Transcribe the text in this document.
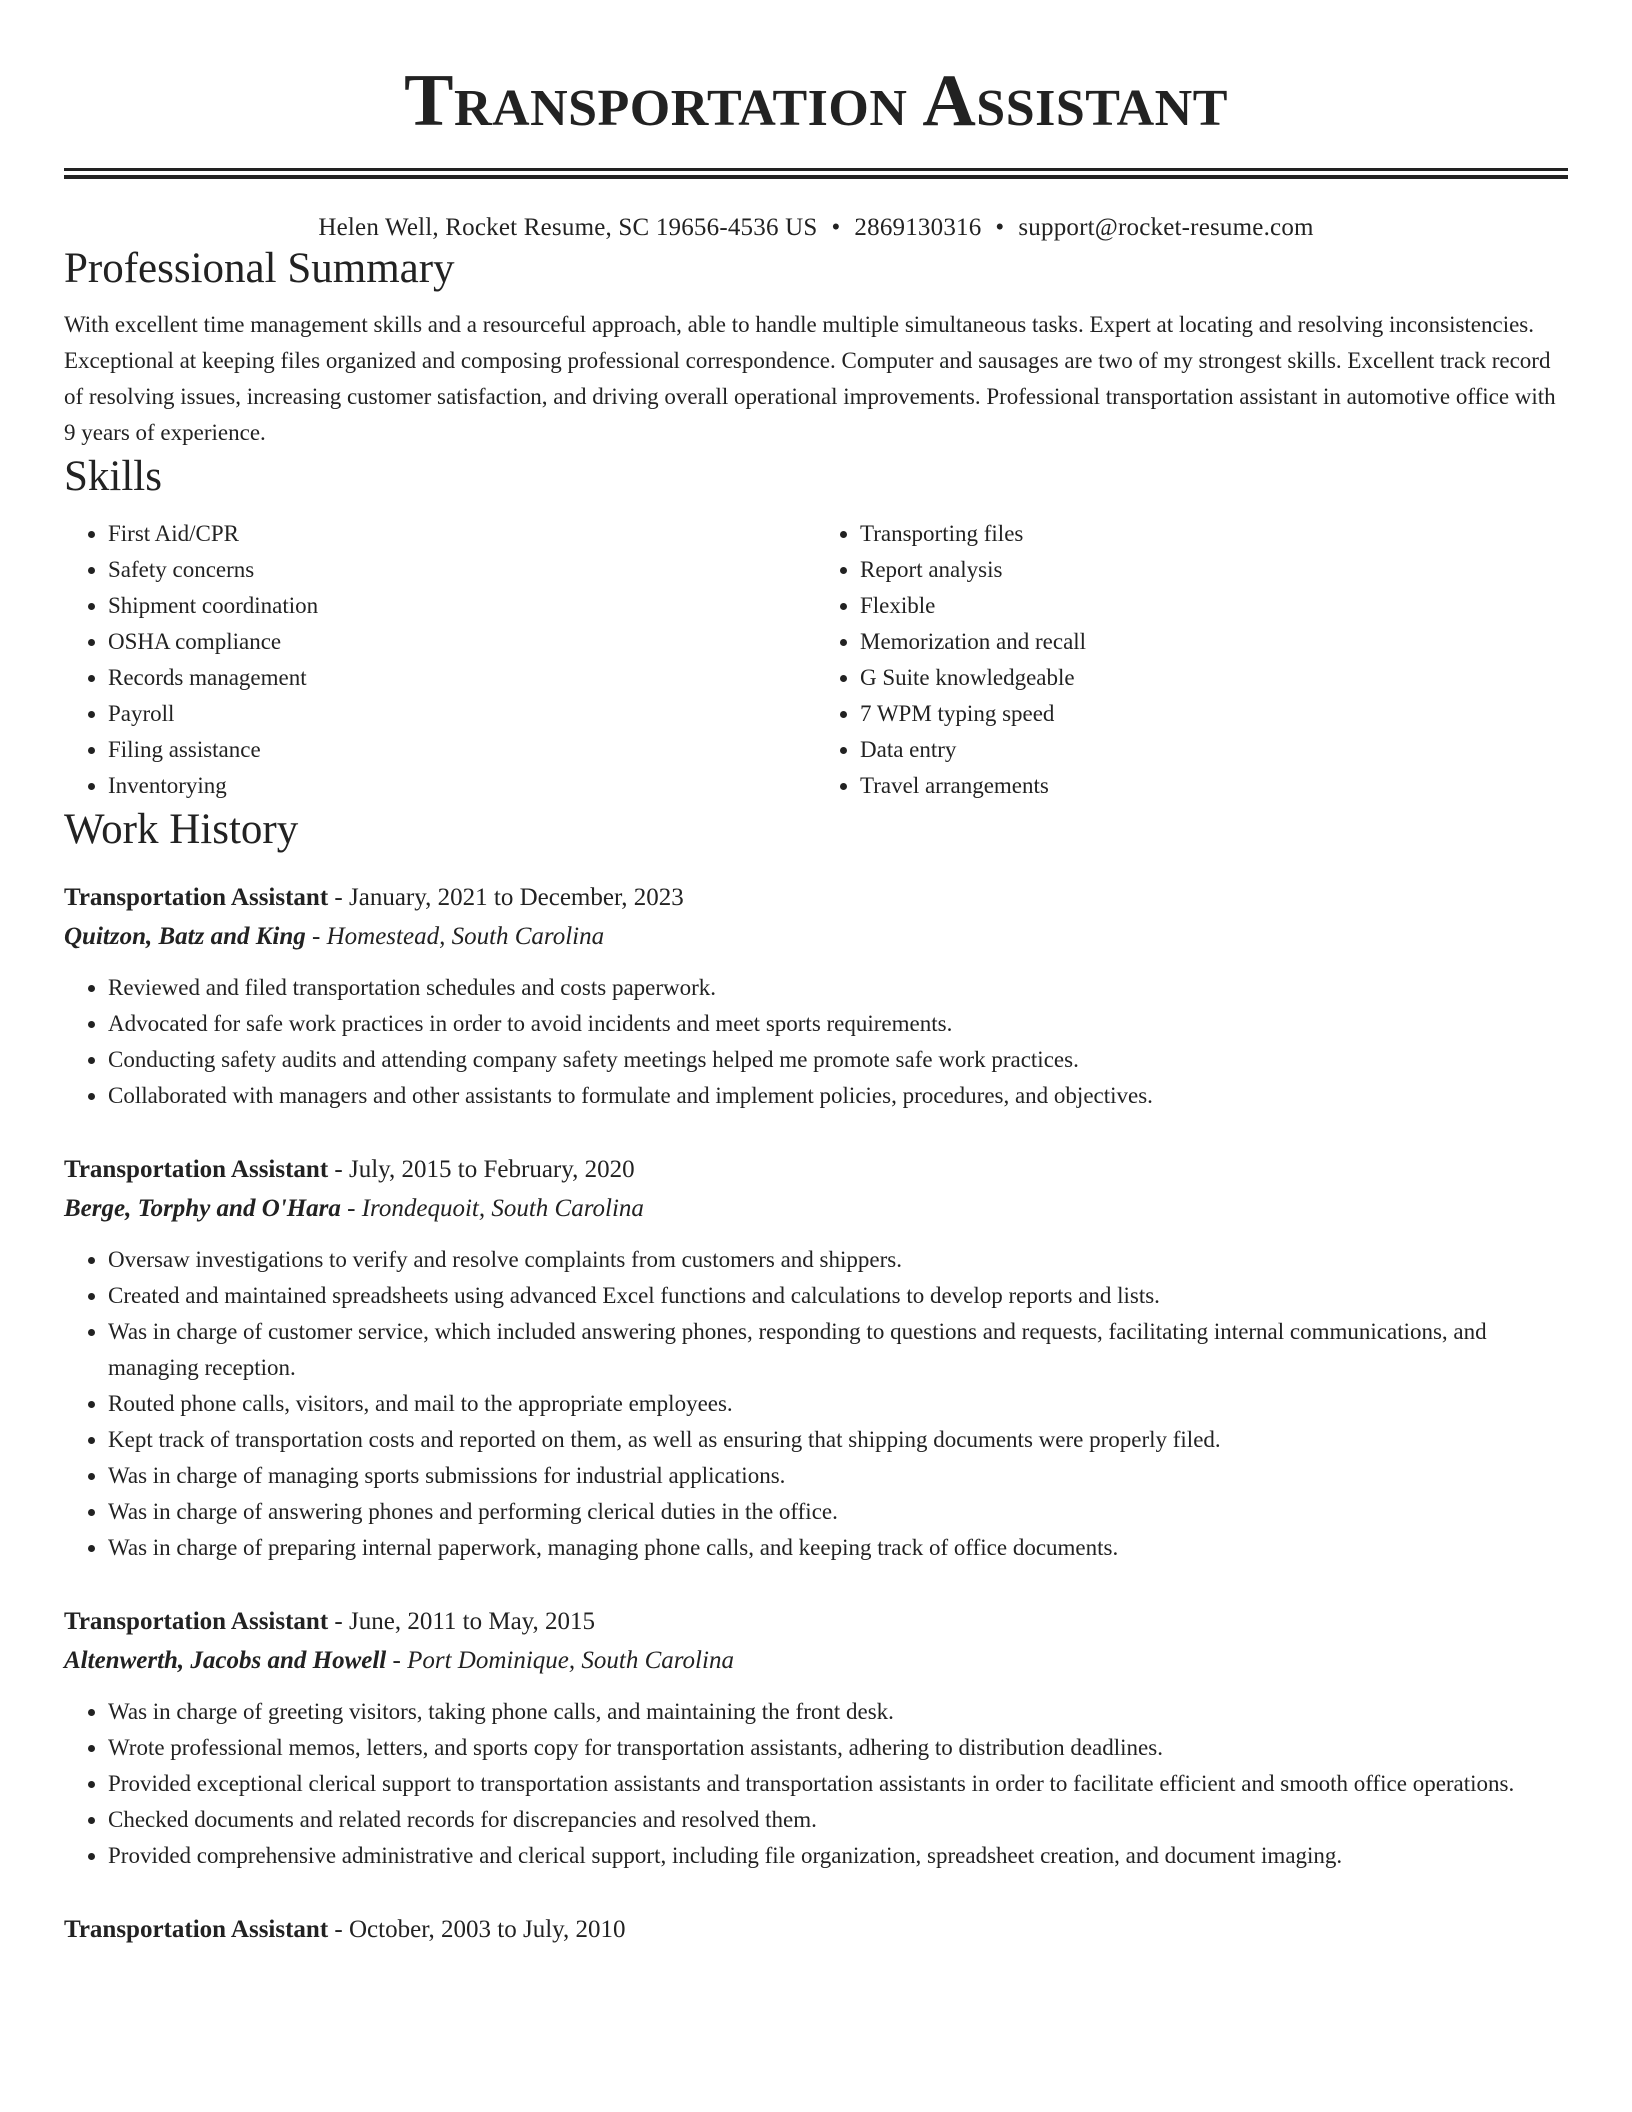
Transportation Assistant
Helen Well, Rocket Resume, SC 19656-4536 US • 2869130316 • support@rocket-resume.com
Professional Summary
With excellent time management skills and a resourceful approach, able to handle multiple simultaneous tasks. Expert at locating and resolving inconsistencies. Exceptional at keeping files organized and composing professional correspondence. Computer and sausages are two of my strongest skills. Excellent track record of resolving issues, increasing customer satisfaction, and driving overall operational improvements. Professional transportation assistant in automotive office with 9 years of experience.
Skills
• First Aid/CPR
• Safety concerns
• Shipment coordination
• OSHA compliance
• Records management
• Payroll
• Filing assistance
• Inventorying
• Transporting files
• Report analysis
• Flexible
• Memorization and recall
• G Suite knowledgeable
• 7 WPM typing speed
• Data entry
• Travel arrangements
Work History
Transportation Assistant - January, 2021 to December, 2023
Quitzon, Batz and King - Homestead, South Carolina
• Reviewed and filed transportation schedules and costs paperwork.
• Advocated for safe work practices in order to avoid incidents and meet sports requirements.
• Conducting safety audits and attending company safety meetings helped me promote safe work practices.
• Collaborated with managers and other assistants to formulate and implement policies, procedures, and objectives.
Transportation Assistant - July, 2015 to February, 2020
Berge, Torphy and O'Hara - Irondequoit, South Carolina
• Oversaw investigations to verify and resolve complaints from customers and shippers.
• Created and maintained spreadsheets using advanced Excel functions and calculations to develop reports and lists.
• Was in charge of customer service, which included answering phones, responding to questions and requests, facilitating internal communications, and managing reception.
• Routed phone calls, visitors, and mail to the appropriate employees.
• Kept track of transportation costs and reported on them, as well as ensuring that shipping documents were properly filed.
• Was in charge of managing sports submissions for industrial applications.
• Was in charge of answering phones and performing clerical duties in the office.
• Was in charge of preparing internal paperwork, managing phone calls, and keeping track of office documents.
Transportation Assistant - June, 2011 to May, 2015
Altenwerth, Jacobs and Howell - Port Dominique, South Carolina
• Was in charge of greeting visitors, taking phone calls, and maintaining the front desk.
• Wrote professional memos, letters, and sports copy for transportation assistants, adhering to distribution deadlines.
• Provided exceptional clerical support to transportation assistants and transportation assistants in order to facilitate efficient and smooth office operations.
• Checked documents and related records for discrepancies and resolved them.
• Provided comprehensive administrative and clerical support, including file organization, spreadsheet creation, and document imaging.
Transportation Assistant - October, 2003 to July, 2010
